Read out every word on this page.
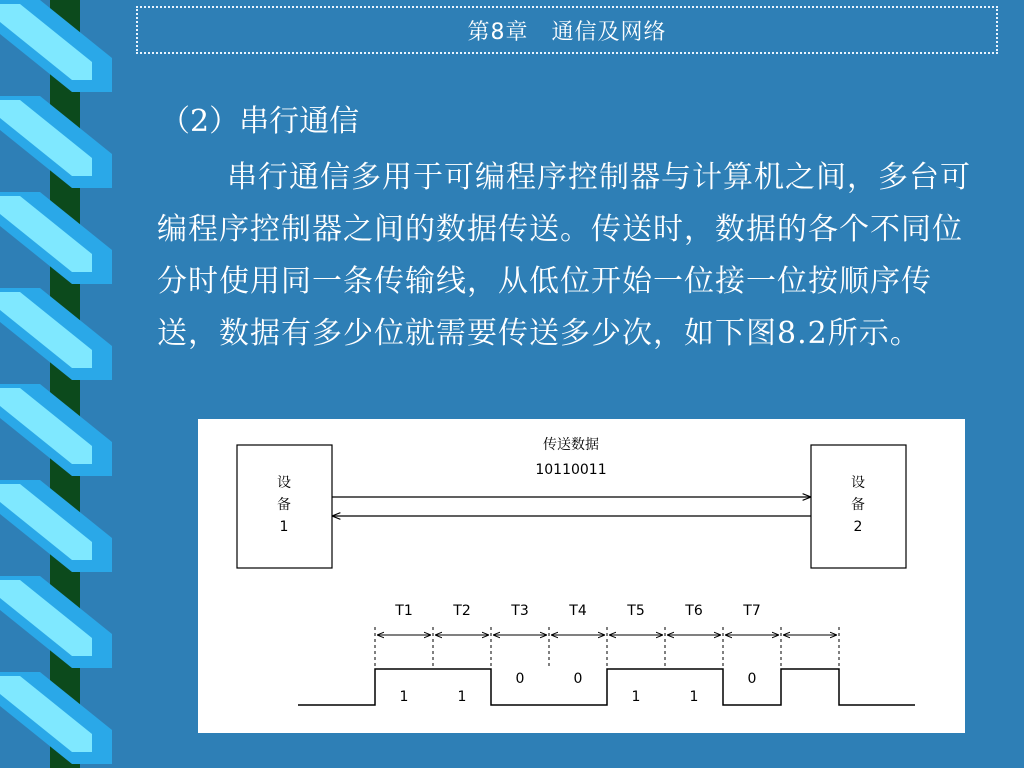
第8章　通信及网络
（2）串行通信
串行通信多用于可编程序控制器与计算机之间，多台可编程序控制器之间的数据传送。传送时，数据的各个不同位分时使用同一条传输线，从低位开始一位接一位按顺序传送，数据有多少位就需要传送多少次，如下图8.2所示。
设
备
1
设
备
2
传送数据
10110011
T1	T2	T3	T4	T5	T6	T7
1	1
0	0
1	1
0
